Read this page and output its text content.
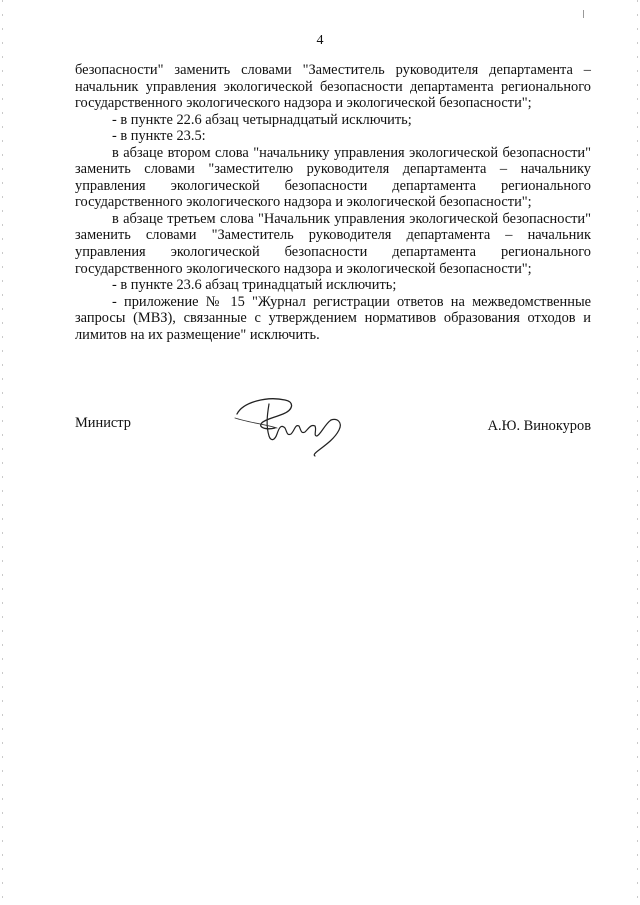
4

безопасности" заменить словами "Заместитель руководителя департамента – начальник управления экологической безопасности департамента регионального государственного экологического надзора и экологической безопасности";

- в пункте 22.6 абзац четырнадцатый исключить;

- в пункте 23.5:

в абзаце втором слова "начальнику управления экологической безопасности" заменить словами "заместителю руководителя департамента – начальнику управления экологической безопасности департамента регионального государственного экологического надзора и экологической безопасности";

в абзаце третьем слова "Начальник управления экологической безопасности" заменить словами "Заместитель руководителя департамента – начальник управления экологической безопасности департамента регионального государственного экологического надзора и экологической безопасности";

- в пункте 23.6 абзац тринадцатый исключить;

- приложение № 15 "Журнал регистрации ответов на межведомственные запросы (МВЗ), связанные с утверждением нормативов образования отходов и лимитов на их размещение" исключить.

Министр	А.Ю. Винокуров
